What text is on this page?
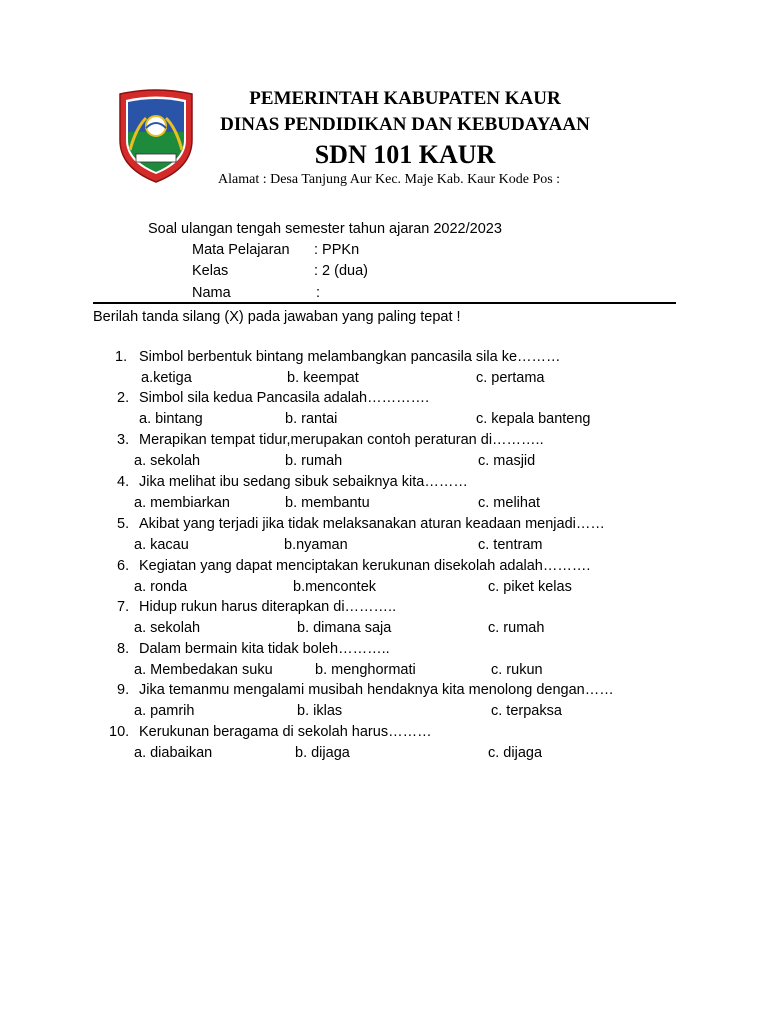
PEMERINTAH KABUPATEN KAUR
DINAS PENDIDIKAN DAN KEBUDAYAAN
SDN 101 KAUR
Alamat : Desa Tanjung Aur Kec. Maje Kab. Kaur Kode Pos :
Soal ulangan tengah semester tahun ajaran 2022/2023
Mata Pelajaran : PPKn
Kelas	: 2 (dua)
Nama	:
Berilah tanda silang (X) pada jawaban yang paling tepat !
1. Simbol berbentuk bintang melambangkan pancasila sila ke………
a.ketiga	b. keempat	c. pertama
2. Simbol sila kedua Pancasila adalah………….
a. bintang	b. rantai	c. kepala banteng
3. Merapikan tempat tidur,merupakan contoh peraturan di………..
a. sekolah	b. rumah	c. masjid
4. Jika melihat ibu sedang sibuk sebaiknya kita………
a. membiarkan	b. membantu	c. melihat
5. Akibat yang terjadi jika tidak melaksanakan aturan keadaan menjadi……
a. kacau	b.nyaman	c. tentram
6. Kegiatan yang dapat menciptakan kerukunan disekolah adalah……….
a. ronda	b.mencontek	c. piket kelas
7. Hidup rukun harus diterapkan di………..
a. sekolah	b. dimana saja	c. rumah
8. Dalam bermain kita tidak boleh………..
a. Membedakan suku	b. menghormati	c. rukun
9. Jika temanmu mengalami musibah hendaknya kita menolong dengan……
a. pamrih	b. iklas	c. terpaksa
10. Kerukunan beragama di sekolah harus………
a. diabaikan	b. dijaga	c. dijaga
